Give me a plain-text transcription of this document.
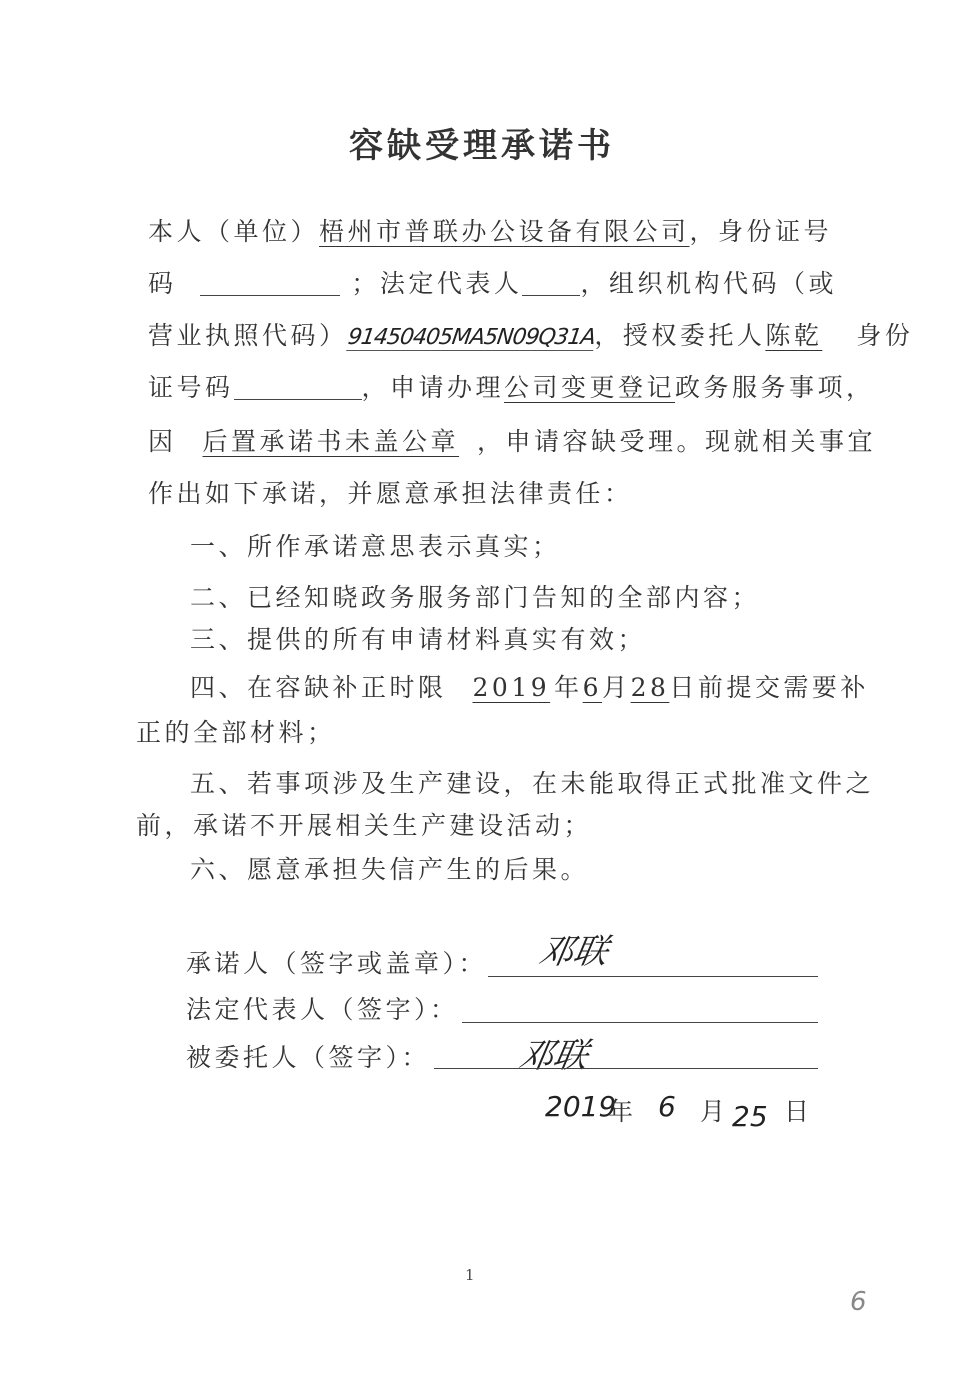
容缺受理承诺书
本人（单位）梧州市普联办公设备有限公司，身份证号
码	；法定代表人 ，组织机构代码（或
营业执照代码）91450405MA5N09Q31A，授权委托人陈乾 身份
证号码	，申请办理公司变更登记政务服务事项，
因 后置承诺书未盖公章 ，申请容缺受理。现就相关事宜
作出如下承诺，并愿意承担法律责任：
一、所作承诺意思表示真实；
二、已经知晓政务服务部门告知的全部内容；
三、提供的所有申请材料真实有效；
四、在容缺补正时限 2019 年6月28日前提交需要补
正的全部材料；
五、若事项涉及生产建设，在未能取得正式批准文件之
前，承诺不开展相关生产建设活动；
六、愿意承担失信产生的后果。
承诺人（签字或盖章）： 邓联
法定代表人（签字）：
被委托人（签字）：	邓联
2019
年 6 月 25 日
1
6
